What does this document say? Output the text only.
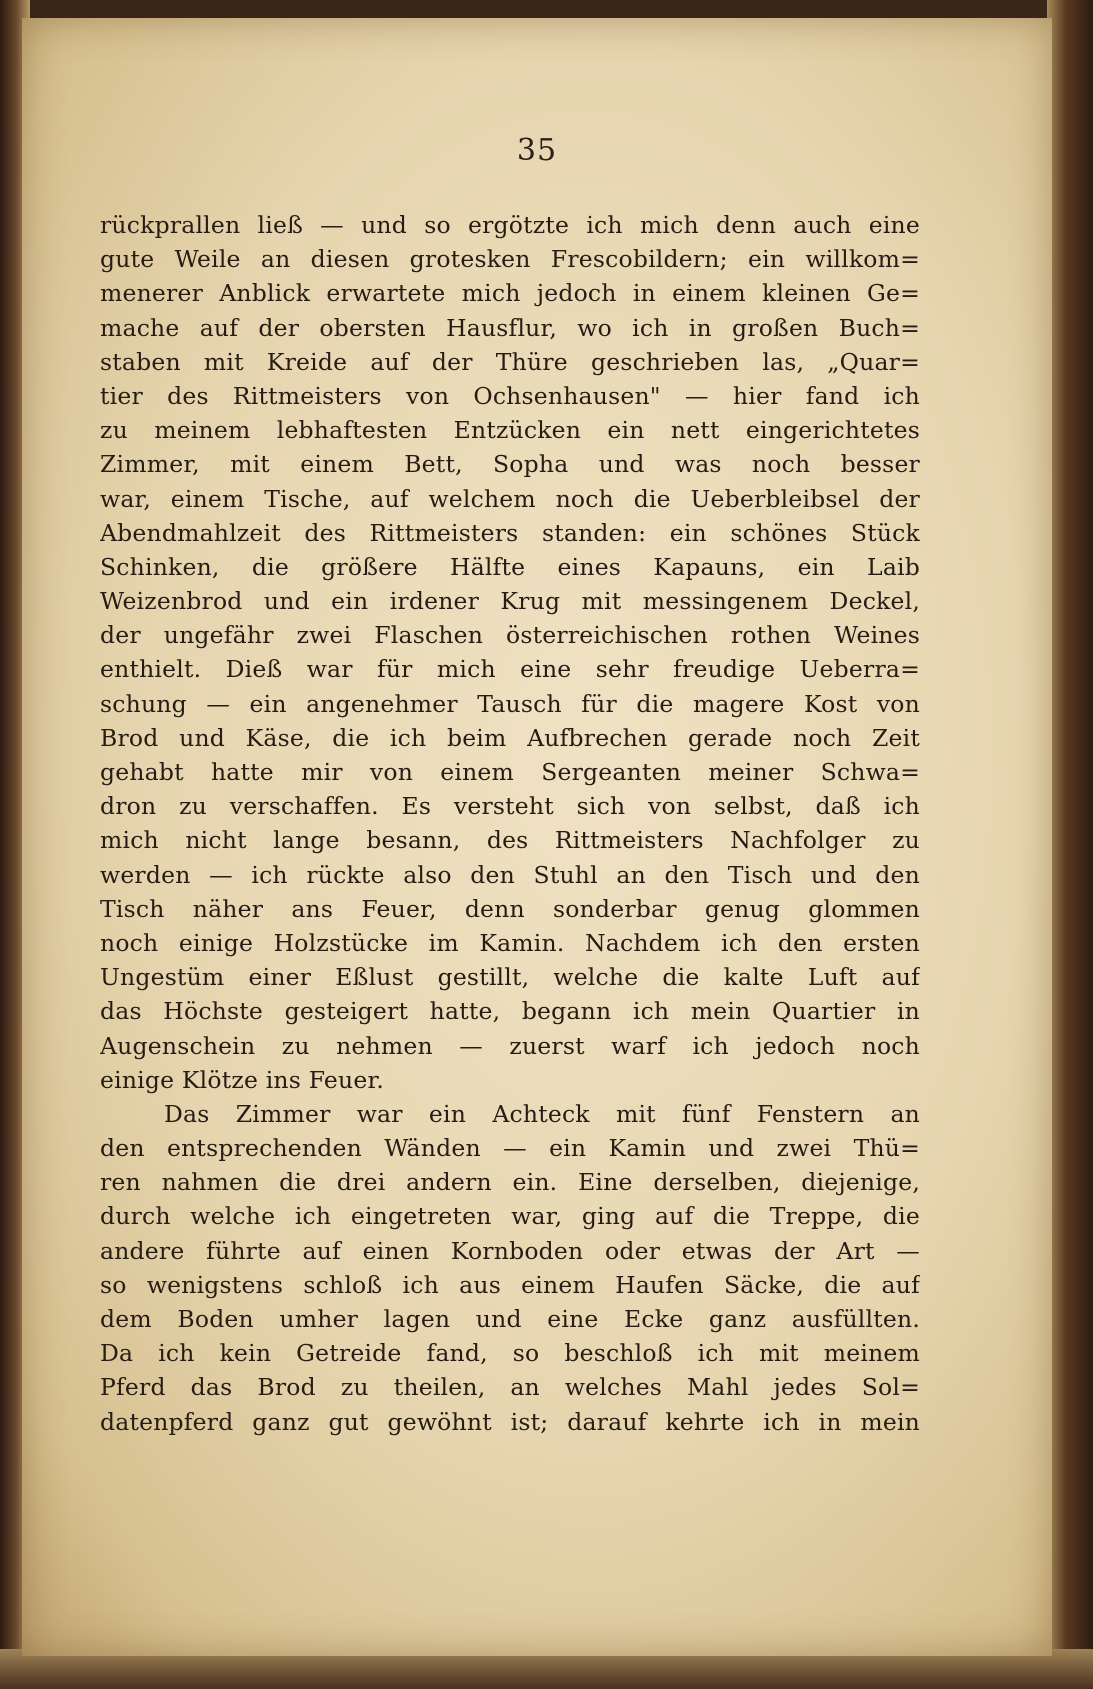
35
rückprallen ließ — und so ergötzte ich mich denn auch eine
gute Weile an diesen grotesken Frescobildern; ein willkom=
menerer Anblick erwartete mich jedoch in einem kleinen Ge=
mache auf der obersten Hausflur, wo ich in großen Buch=
staben mit Kreide auf der Thüre geschrieben las, „Quar=
tier des Rittmeisters von Ochsenhausen" — hier fand ich
zu meinem lebhaftesten Entzücken ein nett eingerichtetes
Zimmer, mit einem Bett, Sopha und was noch besser
war, einem Tische, auf welchem noch die Ueberbleibsel der
Abendmahlzeit des Rittmeisters standen: ein schönes Stück
Schinken, die größere Hälfte eines Kapauns, ein Laib
Weizenbrod und ein irdener Krug mit messingenem Deckel,
der ungefähr zwei Flaschen österreichischen rothen Weines
enthielt. Dieß war für mich eine sehr freudige Ueberra=
schung — ein angenehmer Tausch für die magere Kost von
Brod und Käse, die ich beim Aufbrechen gerade noch Zeit
gehabt hatte mir von einem Sergeanten meiner Schwa=
dron zu verschaffen. Es versteht sich von selbst, daß ich
mich nicht lange besann, des Rittmeisters Nachfolger zu
werden — ich rückte also den Stuhl an den Tisch und den
Tisch näher ans Feuer, denn sonderbar genug glommen
noch einige Holzstücke im Kamin. Nachdem ich den ersten
Ungestüm einer Eßlust gestillt, welche die kalte Luft auf
das Höchste gesteigert hatte, begann ich mein Quartier in
Augenschein zu nehmen — zuerst warf ich jedoch noch
einige Klötze ins Feuer.
Das Zimmer war ein Achteck mit fünf Fenstern an
den entsprechenden Wänden — ein Kamin und zwei Thü=
ren nahmen die drei andern ein. Eine derselben, diejenige,
durch welche ich eingetreten war, ging auf die Treppe, die
andere führte auf einen Kornboden oder etwas der Art —
so wenigstens schloß ich aus einem Haufen Säcke, die auf
dem Boden umher lagen und eine Ecke ganz ausfüllten.
Da ich kein Getreide fand, so beschloß ich mit meinem
Pferd das Brod zu theilen, an welches Mahl jedes Sol=
datenpferd ganz gut gewöhnt ist; darauf kehrte ich in mein
